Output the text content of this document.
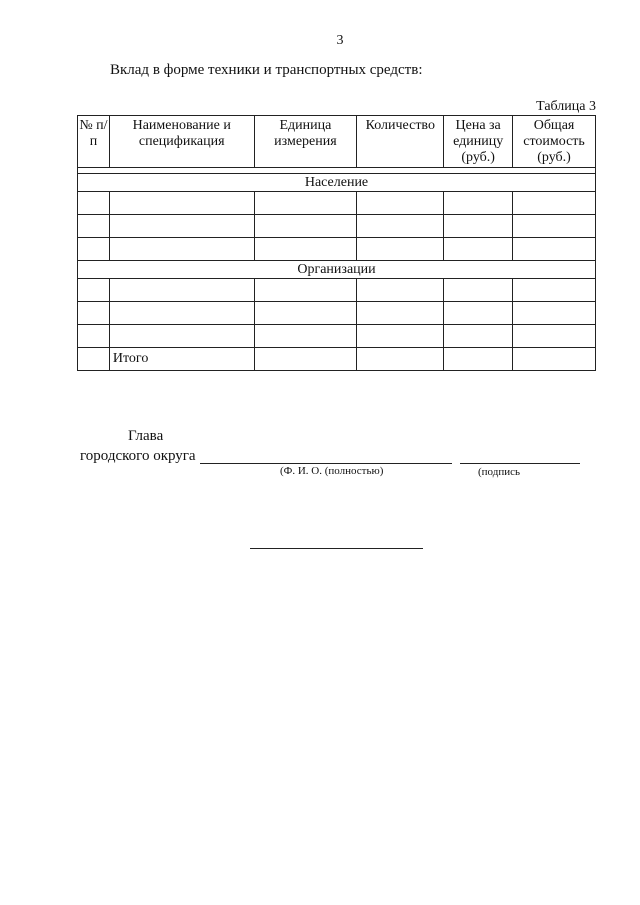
3
Вклад в форме техники и транспортных средств:
Таблица 3
№ п/п	Наименование и спецификация	Единица измерения	Количество	Цена за единицу (руб.)	Общая стоимость (руб.)

Население					

Организации					

	Итого				
Глава
городского округа
(Ф. И. О. (полностью)	(подпись
